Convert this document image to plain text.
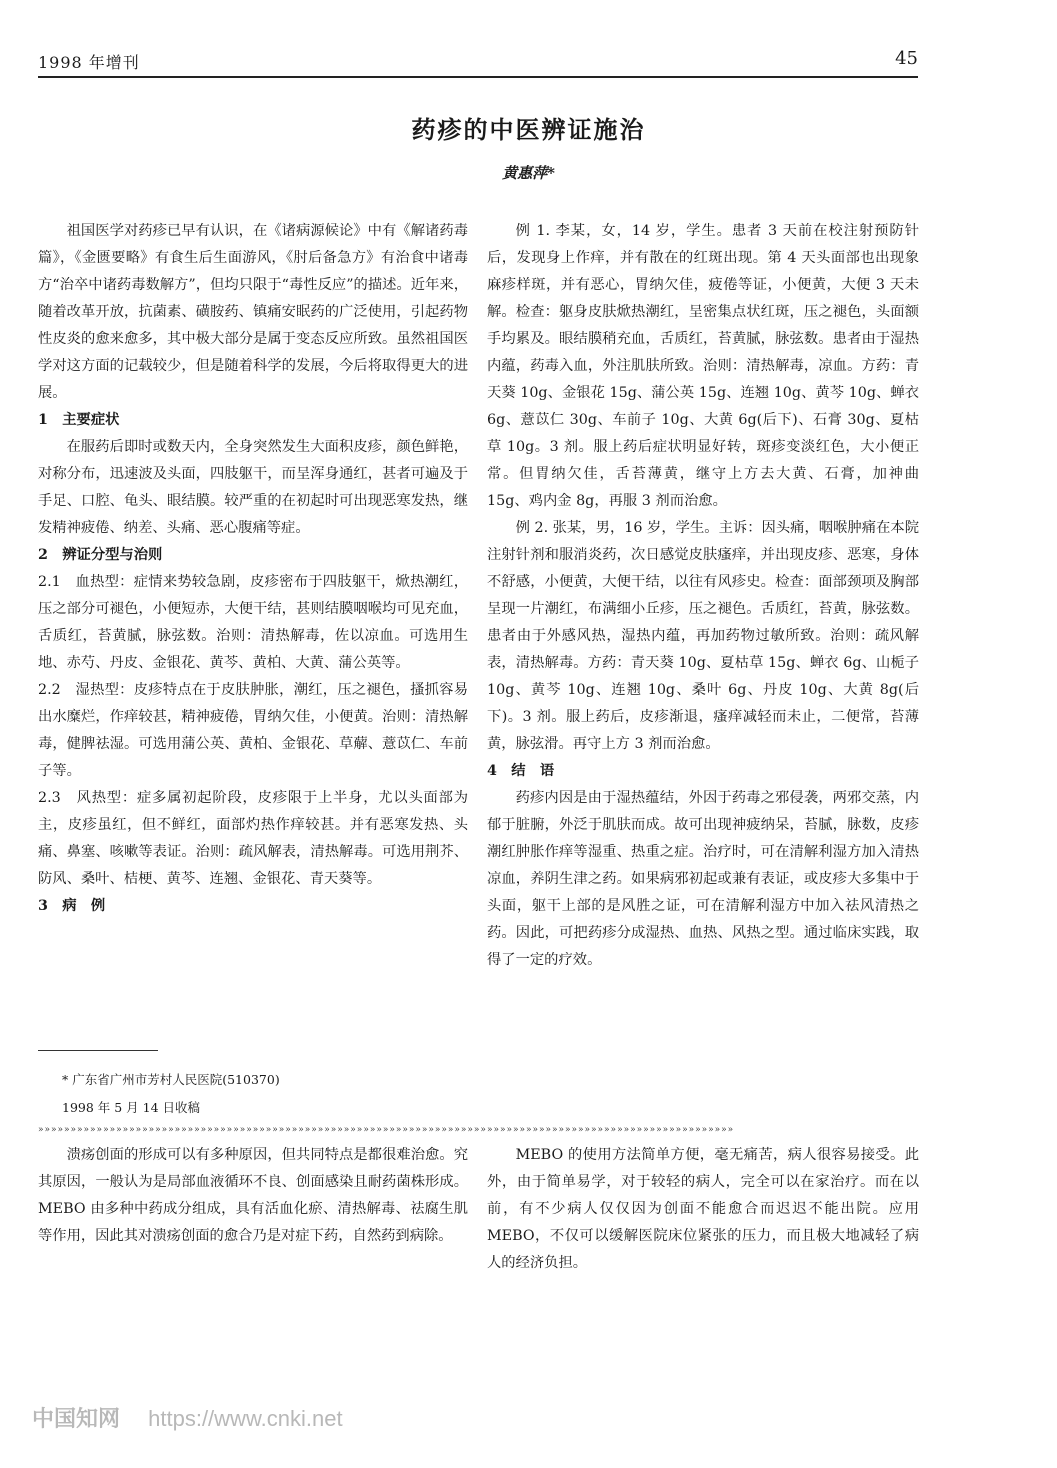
1998 年增刊	45
药疹的中医辨证施治
黄惠萍*

祖国医学对药疹已早有认识，在《诸病源候论》中有《解诸药毒篇》，《金匮要略》有食生后生面游风，《肘后备急方》有治食中诸毒方“治卒中诸药毒数解方”，但均只限于“毒性反应”的描述。近年来，随着改革开放，抗菌素、磺胺药、镇痛安眠药的广泛使用，引起药物性皮炎的愈来愈多，其中极大部分是属于变态反应所致。虽然祖国医学对这方面的记载较少，但是随着科学的发展，今后将取得更大的进展。

1　主要症状

在服药后即时或数天内，全身突然发生大面积皮疹，颜色鲜艳，对称分布，迅速波及头面，四肢躯干，而呈浑身通红，甚者可遍及于手足、口腔、龟头、眼结膜。较严重的在初起时可出现恶寒发热，继发精神疲倦、纳差、头痛、恶心腹痛等症。

2　辨证分型与治则

2.1　血热型：症情来势较急剧，皮疹密布于四肢躯干，焮热潮红，压之部分可褪色，小便短赤，大便干结，甚则结膜咽喉均可见充血，舌质红，苔黄腻，脉弦数。治则：清热解毒，佐以凉血。可选用生地、赤芍、丹皮、金银花、黄芩、黄柏、大黄、蒲公英等。

2.2　湿热型：皮疹特点在于皮肤肿胀，潮红，压之褪色，搔抓容易出水糜烂，作痒较甚，精神疲倦，胃纳欠佳，小便黄。治则：清热解毒，健脾祛湿。可选用蒲公英、黄柏、金银花、草薢、薏苡仁、车前子等。

2.3　风热型：症多属初起阶段，皮疹限于上半身，尤以头面部为主，皮疹虽红，但不鲜红，面部灼热作痒较甚。并有恶寒发热、头痛、鼻塞、咳嗽等表证。治则：疏风解表，清热解毒。可选用荆芥、防风、桑叶、桔梗、黄芩、连翘、金银花、青天葵等。

3　病　例

例 1. 李某，女，14 岁，学生。患者 3 天前在校注射预防针后，发现身上作痒，并有散在的红斑出现。第 4 天头面部也出现象麻疹样斑，并有恶心，胃纳欠佳，疲倦等证，小便黄，大便 3 天未解。检查：躯身皮肤焮热潮红，呈密集点状红斑，压之褪色，头面额手均累及。眼结膜稍充血，舌质红，苔黄腻，脉弦数。患者由于湿热内蕴，药毒入血，外注肌肤所致。治则：清热解毒，凉血。方药：青天葵 10g、金银花 15g、蒲公英 15g、连翘 10g、黄芩 10g、蝉衣 6g、薏苡仁 30g、车前子 10g、大黄 6g(后下)、石膏 30g、夏枯草 10g。3 剂。服上药后症状明显好转，斑疹变淡红色，大小便正常。但胃纳欠佳，舌苔薄黄，继守上方去大黄、石膏，加神曲 15g、鸡内金 8g，再服 3 剂而治愈。

例 2. 张某，男，16 岁，学生。主诉：因头痛，咽喉肿痛在本院注射针剂和服消炎药，次日感觉皮肤瘙痒，并出现皮疹、恶寒，身体不舒感，小便黄，大便干结，以往有风疹史。检查：面部颈项及胸部呈现一片潮红，布满细小丘疹，压之褪色。舌质红，苔黄，脉弦数。患者由于外感风热，湿热内蕴，再加药物过敏所致。治则：疏风解表，清热解毒。方药：青天葵 10g、夏枯草 15g、蝉衣 6g、山栀子 10g、黄芩 10g、连翘 10g、桑叶 6g、丹皮 10g、大黄 8g(后下)。3 剂。服上药后，皮疹渐退，瘙痒减轻而未止，二便常，苔薄黄，脉弦滑。再守上方 3 剂而治愈。

4　结　语

药疹内因是由于湿热蕴结，外因于药毒之邪侵袭，两邪交蒸，内郁于脏腑，外泛于肌肤而成。故可出现神疲纳呆，苔腻，脉数，皮疹潮红肿胀作痒等湿重、热重之症。治疗时，可在清解利湿方加入清热凉血，养阴生津之药。如果病邪初起或兼有表证，或皮疹大多集中于头面，躯干上部的是风胜之证，可在清解利湿方中加入祛风清热之药。因此，可把药疹分成湿热、血热、风热之型。通过临床实践，取得了一定的疗效。

* 广东省广州市芳村人民医院(510370)
1998 年 5 月 14 日收稿
»»»»»»»»»»»»»»»»»»»»»»»»»»»»»»»»»»»»»»»»»»»»»»»»»»»»»»»»»»»»»»»»»»»»»»»»»»»»»»»»»»»»»»»»»»»»»»»»»»»»»»»»»»»

溃疡创面的形成可以有多种原因，但共同特点是都很难治愈。究其原因，一般认为是局部血液循环不良、创面感染且耐药菌株形成。MEBO 由多种中药成分组成，具有活血化瘀、清热解毒、祛腐生肌等作用，因此其对溃疡创面的愈合乃是对症下药，自然药到病除。

MEBO 的使用方法简单方便，毫无痛苦，病人很容易接受。此外，由于简单易学，对于较轻的病人，完全可以在家治疗。而在以前，有不少病人仅仅因为创面不能愈合而迟迟不能出院。应用 MEBO，不仅可以缓解医院床位紧张的压力，而且极大地减轻了病人的经济负担。

中国知网 https://www.cnki.net
